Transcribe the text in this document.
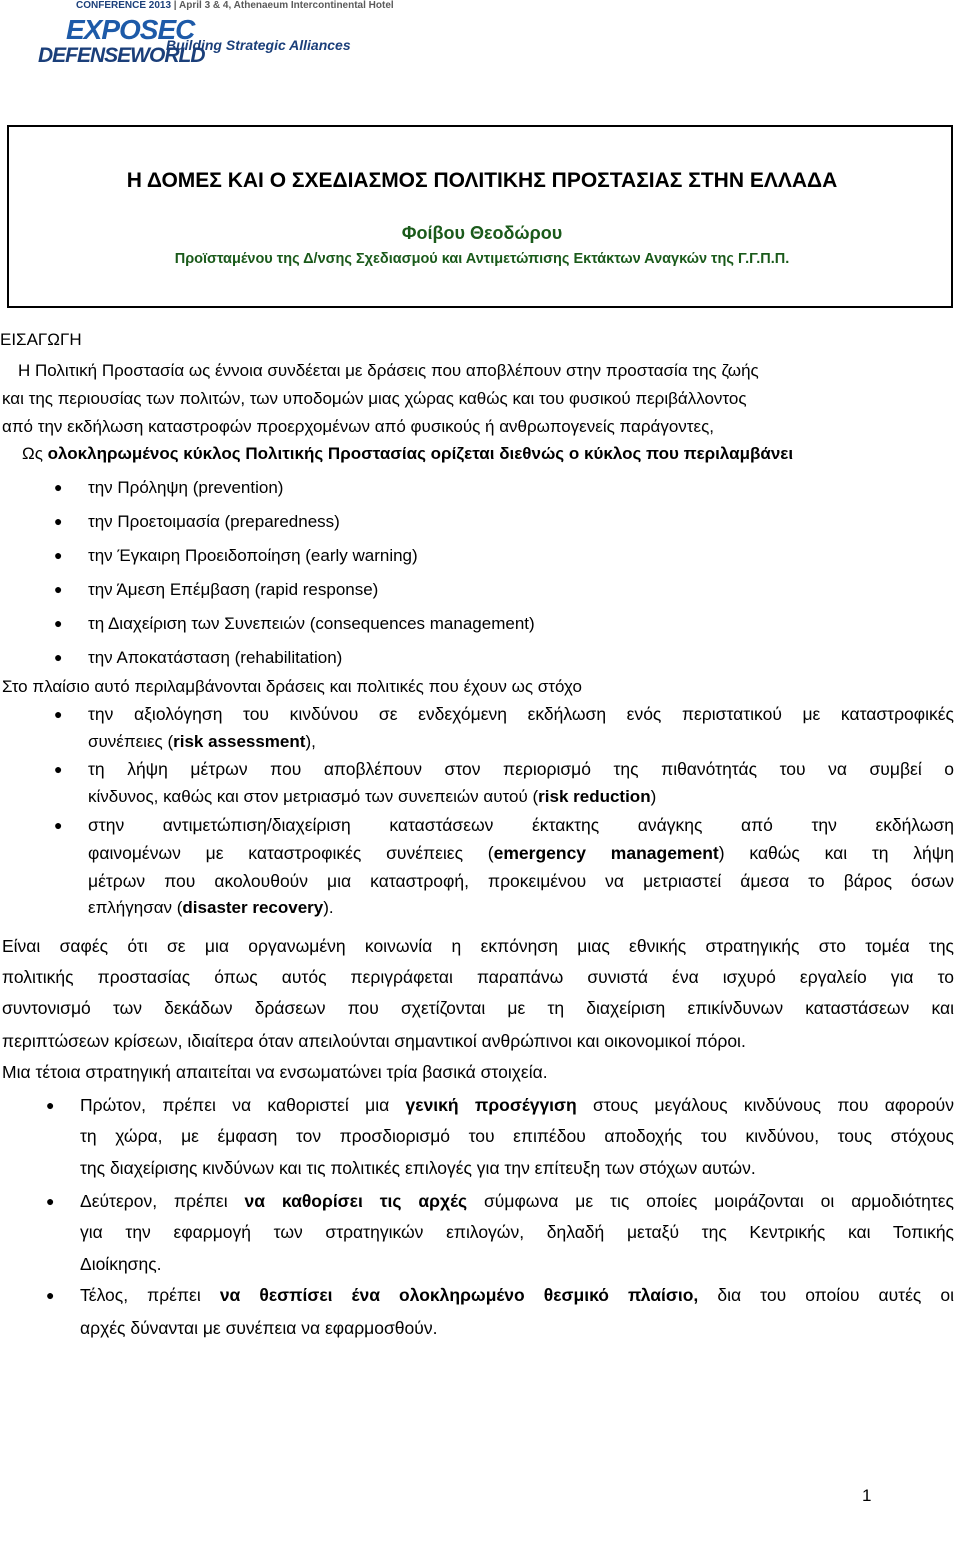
CONFERENCE 2013 | April 3 & 4, Athenaeum Intercontinental Hotel
EXPOSEC
DEFENSEWORLD
Building Strategic Alliances
Η ΔΟΜΕΣ ΚΑΙ Ο ΣΧΕΔΙΑΣΜΟΣ ΠΟΛΙΤΙΚΗΣ ΠΡΟΣΤΑΣΙΑΣ ΣΤΗΝ ΕΛΛΑΔΑ
Φοίβου Θεοδώρου
Προϊσταμένου της Δ/νσης Σχεδιασμού και Αντιμετώπισης Εκτάκτων Αναγκών της Γ.Γ.Π.Π.
ΕΙΣΑΓΩΓΗ
Η Πολιτική Προστασία ως έννοια συνδέεται με δράσεις που αποβλέπουν στην προστασία της ζωής
και της περιουσίας των πολιτών, των υποδομών μιας χώρας καθώς και του φυσικού περιβάλλοντος
από την εκδήλωση καταστροφών προερχομένων από φυσικούς ή ανθρωπογενείς παράγοντες,
Ως ολοκληρωμένος κύκλος Πολιτικής Προστασίας ορίζεται διεθνώς ο κύκλος που περιλαμβάνει
● την Πρόληψη (prevention)
● την Προετοιμασία (preparedness)
● την Έγκαιρη Προειδοποίηση (early warning)
● την Άμεση Επέμβαση (rapid response)
● τη Διαχείριση των Συνεπειών (consequences management)
● την Αποκατάσταση (rehabilitation)
Στο πλαίσιο αυτό περιλαμβάνονται δράσεις και πολιτικές που έχουν ως στόχο
● την αξιολόγηση του κινδύνου σε ενδεχόμενη εκδήλωση ενός περιστατικού με καταστροφικές
συνέπειες (risk assessment),
● τη λήψη μέτρων που αποβλέπουν στον περιορισμό της πιθανότητάς του να συμβεί ο
κίνδυνος, καθώς και στον μετριασμό των συνεπειών αυτού (risk reduction)
● στην αντιμετώπιση/διαχείριση καταστάσεων έκτακτης ανάγκης από την εκδήλωση
φαινομένων με καταστροφικές συνέπειες (emergency management) καθώς και τη λήψη
μέτρων που ακολουθούν μια καταστροφή, προκειμένου να μετριαστεί άμεσα το βάρος όσων
επλήγησαν (disaster recovery).
Είναι σαφές ότι σε μια οργανωμένη κοινωνία η εκπόνηση μιας εθνικής στρατηγικής στο τομέα της
πολιτικής προστασίας όπως αυτός περιγράφεται παραπάνω συνιστά ένα ισχυρό εργαλείο για το
συντονισμό των δεκάδων δράσεων που σχετίζονται με τη διαχείριση επικίνδυνων καταστάσεων και
περιπτώσεων κρίσεων, ιδιαίτερα όταν απειλούνται σημαντικοί ανθρώπινοι και οικονομικοί πόροι.
Μια τέτοια στρατηγική απαιτείται να ενσωματώνει τρία βασικά στοιχεία.
● Πρώτον, πρέπει να καθοριστεί μια γενική προσέγγιση στους μεγάλους κινδύνους που αφορούν
τη χώρα, με έμφαση τον προσδιορισμό του επιπέδου αποδοχής του κινδύνου, τους στόχους
της διαχείρισης κινδύνων και τις πολιτικές επιλογές για την επίτευξη των στόχων αυτών.
● Δεύτερον, πρέπει να καθορίσει τις αρχές σύμφωνα με τις οποίες μοιράζονται οι αρμοδιότητες
για την εφαρμογή των στρατηγικών επιλογών, δηλαδή μεταξύ της Κεντρικής και Τοπικής
Διοίκησης.
● Τέλος, πρέπει να θεσπίσει ένα ολοκληρωμένο θεσμικό πλαίσιο, δια του οποίου αυτές οι
αρχές δύνανται με συνέπεια να εφαρμοσθούν.
1
